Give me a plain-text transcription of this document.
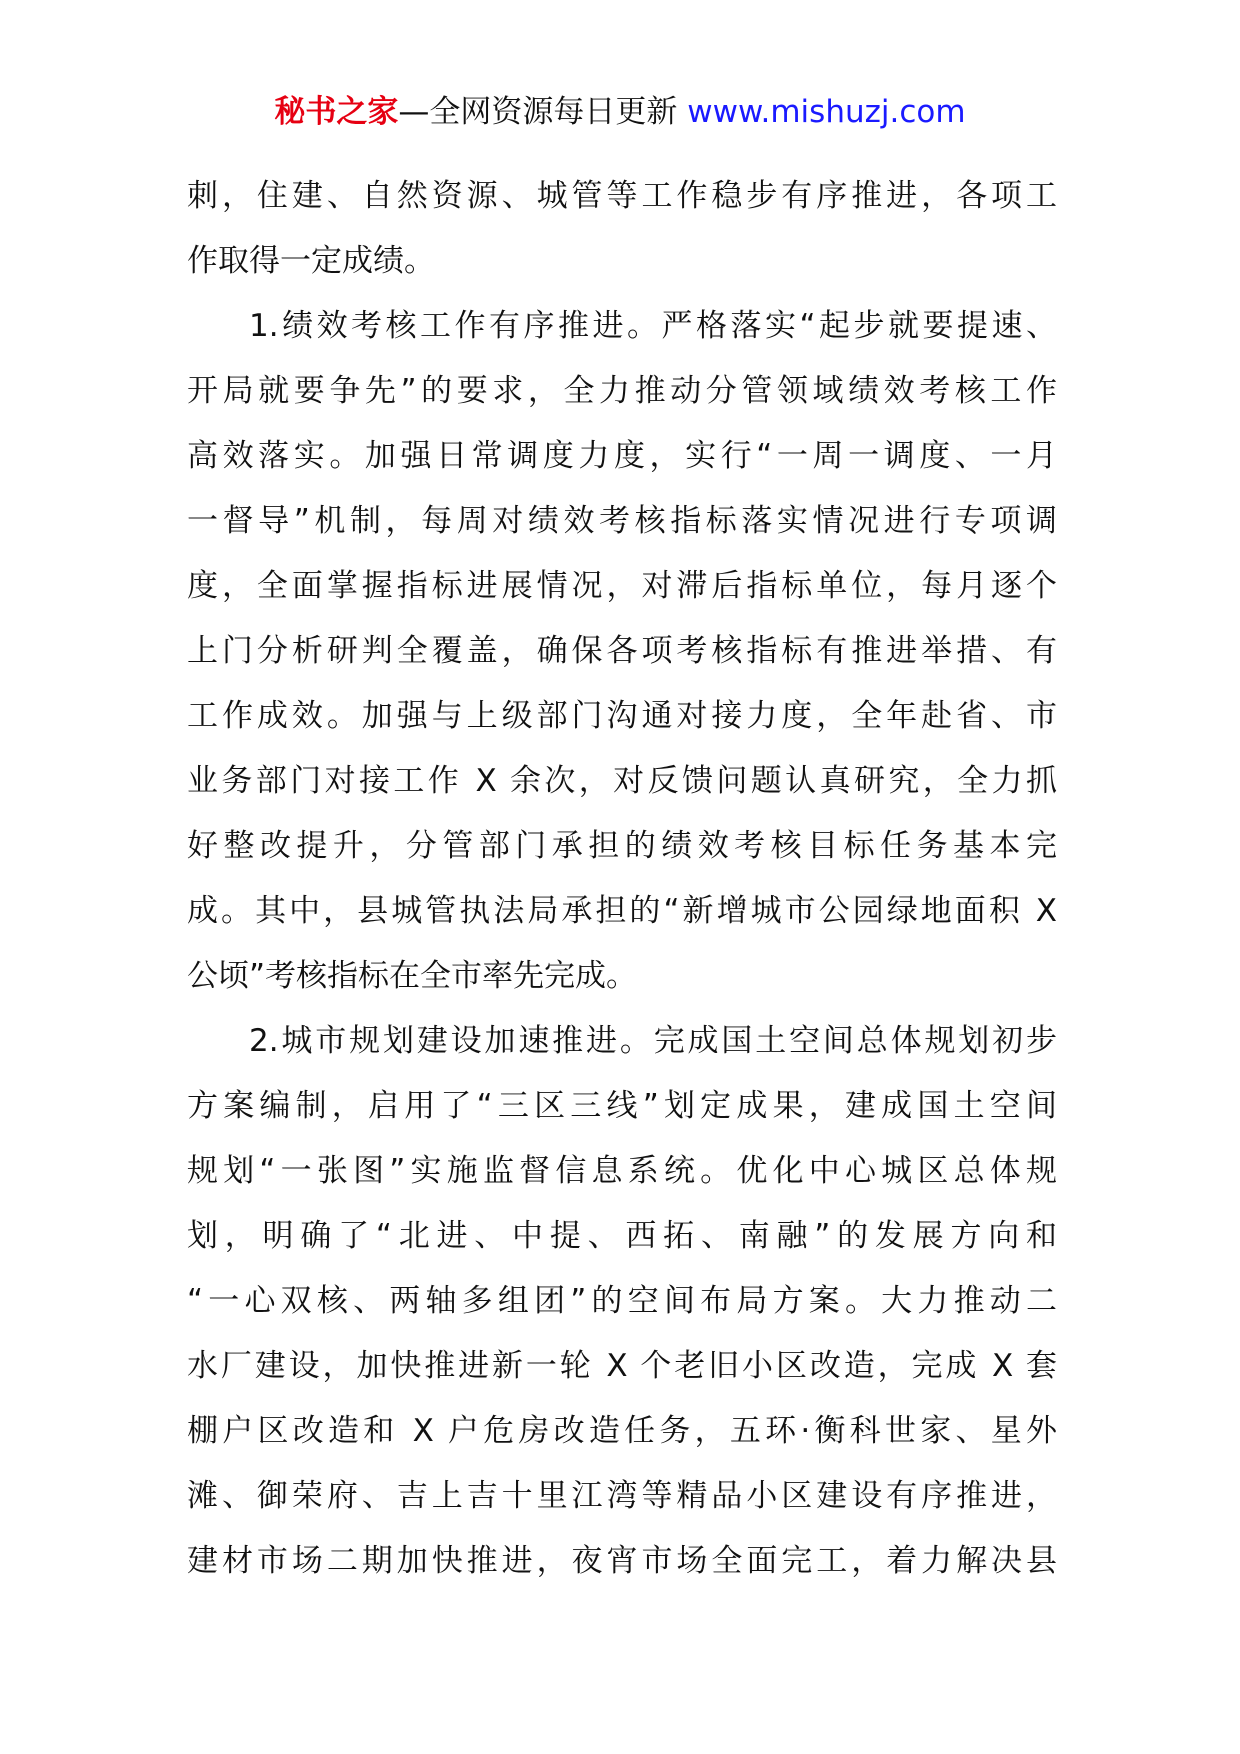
秘书之家—全网资源每日更新 www.mishuzj.com
刺，住建、自然资源、城管等工作稳步有序推进，各项工
作取得一定成绩。
1.绩效考核工作有序推进。严格落实“起步就要提速、
开局就要争先”的要求，全力推动分管领域绩效考核工作
高效落实。加强日常调度力度，实行“一周一调度、一月
一督导”机制，每周对绩效考核指标落实情况进行专项调
度，全面掌握指标进展情况，对滞后指标单位，每月逐个
上门分析研判全覆盖，确保各项考核指标有推进举措、有
工作成效。加强与上级部门沟通对接力度，全年赴省、市
业务部门对接工作 X 余次，对反馈问题认真研究，全力抓
好整改提升，分管部门承担的绩效考核目标任务基本完
成。其中，县城管执法局承担的“新增城市公园绿地面积 X
公顷”考核指标在全市率先完成。
2.城市规划建设加速推进。完成国土空间总体规划初步
方案编制，启用了“三区三线”划定成果，建成国土空间
规划“一张图”实施监督信息系统。优化中心城区总体规
划，明确了“北进、中提、西拓、南融”的发展方向和
“一心双核、两轴多组团”的空间布局方案。大力推动二
水厂建设，加快推进新一轮 X 个老旧小区改造，完成 X 套
棚户区改造和 X 户危房改造任务，五环·衡科世家、星外
滩、御荣府、吉上吉十里江湾等精品小区建设有序推进，
建材市场二期加快推进，夜宵市场全面完工，着力解决县
